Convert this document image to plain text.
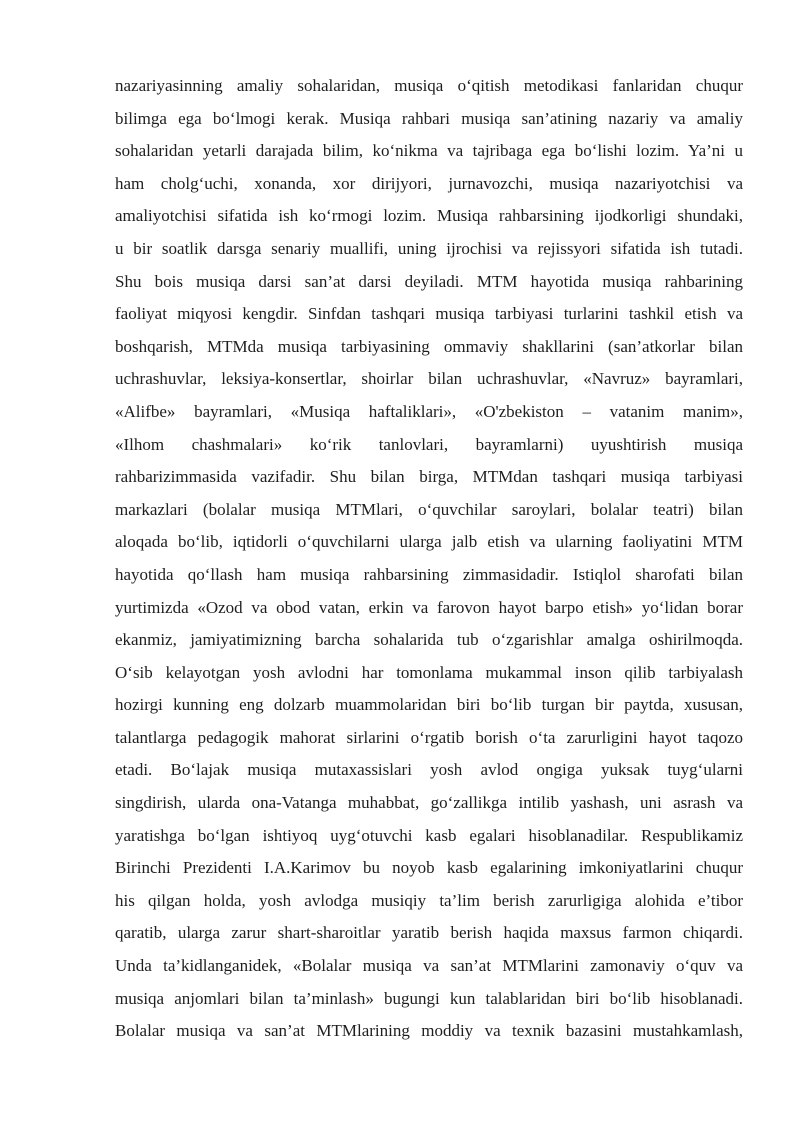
nazariyasinning amaliy sohalaridan, musiqa o‘qitish metodikasi fanlaridan chuqur
bilimga ega bo‘lmogi kerak. Musiqa rahbari musiqa san’atining nazariy va amaliy
sohalaridan yetarli darajada bilim, ko‘nikma va tajribaga ega bo‘lishi lozim. Ya’ni u
ham cholg‘uchi, xonanda, xor dirijyori, jurnavozchi, musiqa nazariyotchisi va
amaliyotchisi sifatida ish ko‘rmogi lozim. Musiqa rahbarsining ijodkorligi shundaki,
u bir soatlik darsga senariy muallifi, uning ijrochisi va rejissyori sifatida ish tutadi.
Shu bois musiqa darsi san’at darsi deyiladi. MTM hayotida musiqa rahbarining
faoliyat miqyosi kengdir. Sinfdan tashqari musiqa tarbiyasi turlarini tashkil etish va
boshqarish, MTMda musiqa tarbiyasining ommaviy shakllarini (san’atkorlar bilan
uchrashuvlar, leksiya-konsertlar, shoirlar bilan uchrashuvlar, «Navruz» bayramlari,
«Alifbe» bayramlari, «Musiqa haftaliklari», «O'zbekiston – vatanim manim»,
«Ilhom chashmalari» ko‘rik tanlovlari, bayramlarni) uyushtirish musiqa
rahbarizimmasida vazifadir. Shu bilan birga, MTMdan tashqari musiqa tarbiyasi
markazlari (bolalar musiqa MTMlari, o‘quvchilar saroylari, bolalar teatri) bilan
aloqada bo‘lib, iqtidorli o‘quvchilarni ularga jalb etish va ularning faoliyatini MTM
hayotida qo‘llash ham musiqa rahbarsining zimmasidadir. Istiqlol sharofati bilan
yurtimizda «Ozod va obod vatan, erkin va farovon hayot barpo etish» yo‘lidan borar
ekanmiz, jamiyatimizning barcha sohalarida tub o‘zgarishlar amalga oshirilmoqda.
O‘sib kelayotgan yosh avlodni har tomonlama mukammal inson qilib tarbiyalash
hozirgi kunning eng dolzarb muammolaridan biri bo‘lib turgan bir paytda, xususan,
talantlarga pedagogik mahorat sirlarini o‘rgatib borish o‘ta zarurligini hayot taqozo
etadi. Bo‘lajak musiqa mutaxassislari yosh avlod ongiga yuksak tuyg‘ularni
singdirish, ularda ona-Vatanga muhabbat, go‘zallikga intilib yashash, uni asrash va
yaratishga bo‘lgan ishtiyoq uyg‘otuvchi kasb egalari hisoblanadilar. Respublikamiz
Birinchi Prezidenti I.A.Karimov bu noyob kasb egalarining imkoniyatlarini chuqur
his qilgan holda, yosh avlodga musiqiy ta’lim berish zarurligiga alohida e’tibor
qaratib, ularga zarur shart-sharoitlar yaratib berish haqida maxsus farmon chiqardi.
Unda ta’kidlanganidek, «Bolalar musiqa va san’at MTMlarini zamonaviy o‘quv va
musiqa anjomlari bilan ta’minlash» bugungi kun talablaridan biri bo‘lib hisoblanadi.
Bolalar musiqa va san’at MTMlarining moddiy va texnik bazasini mustahkamlash,
